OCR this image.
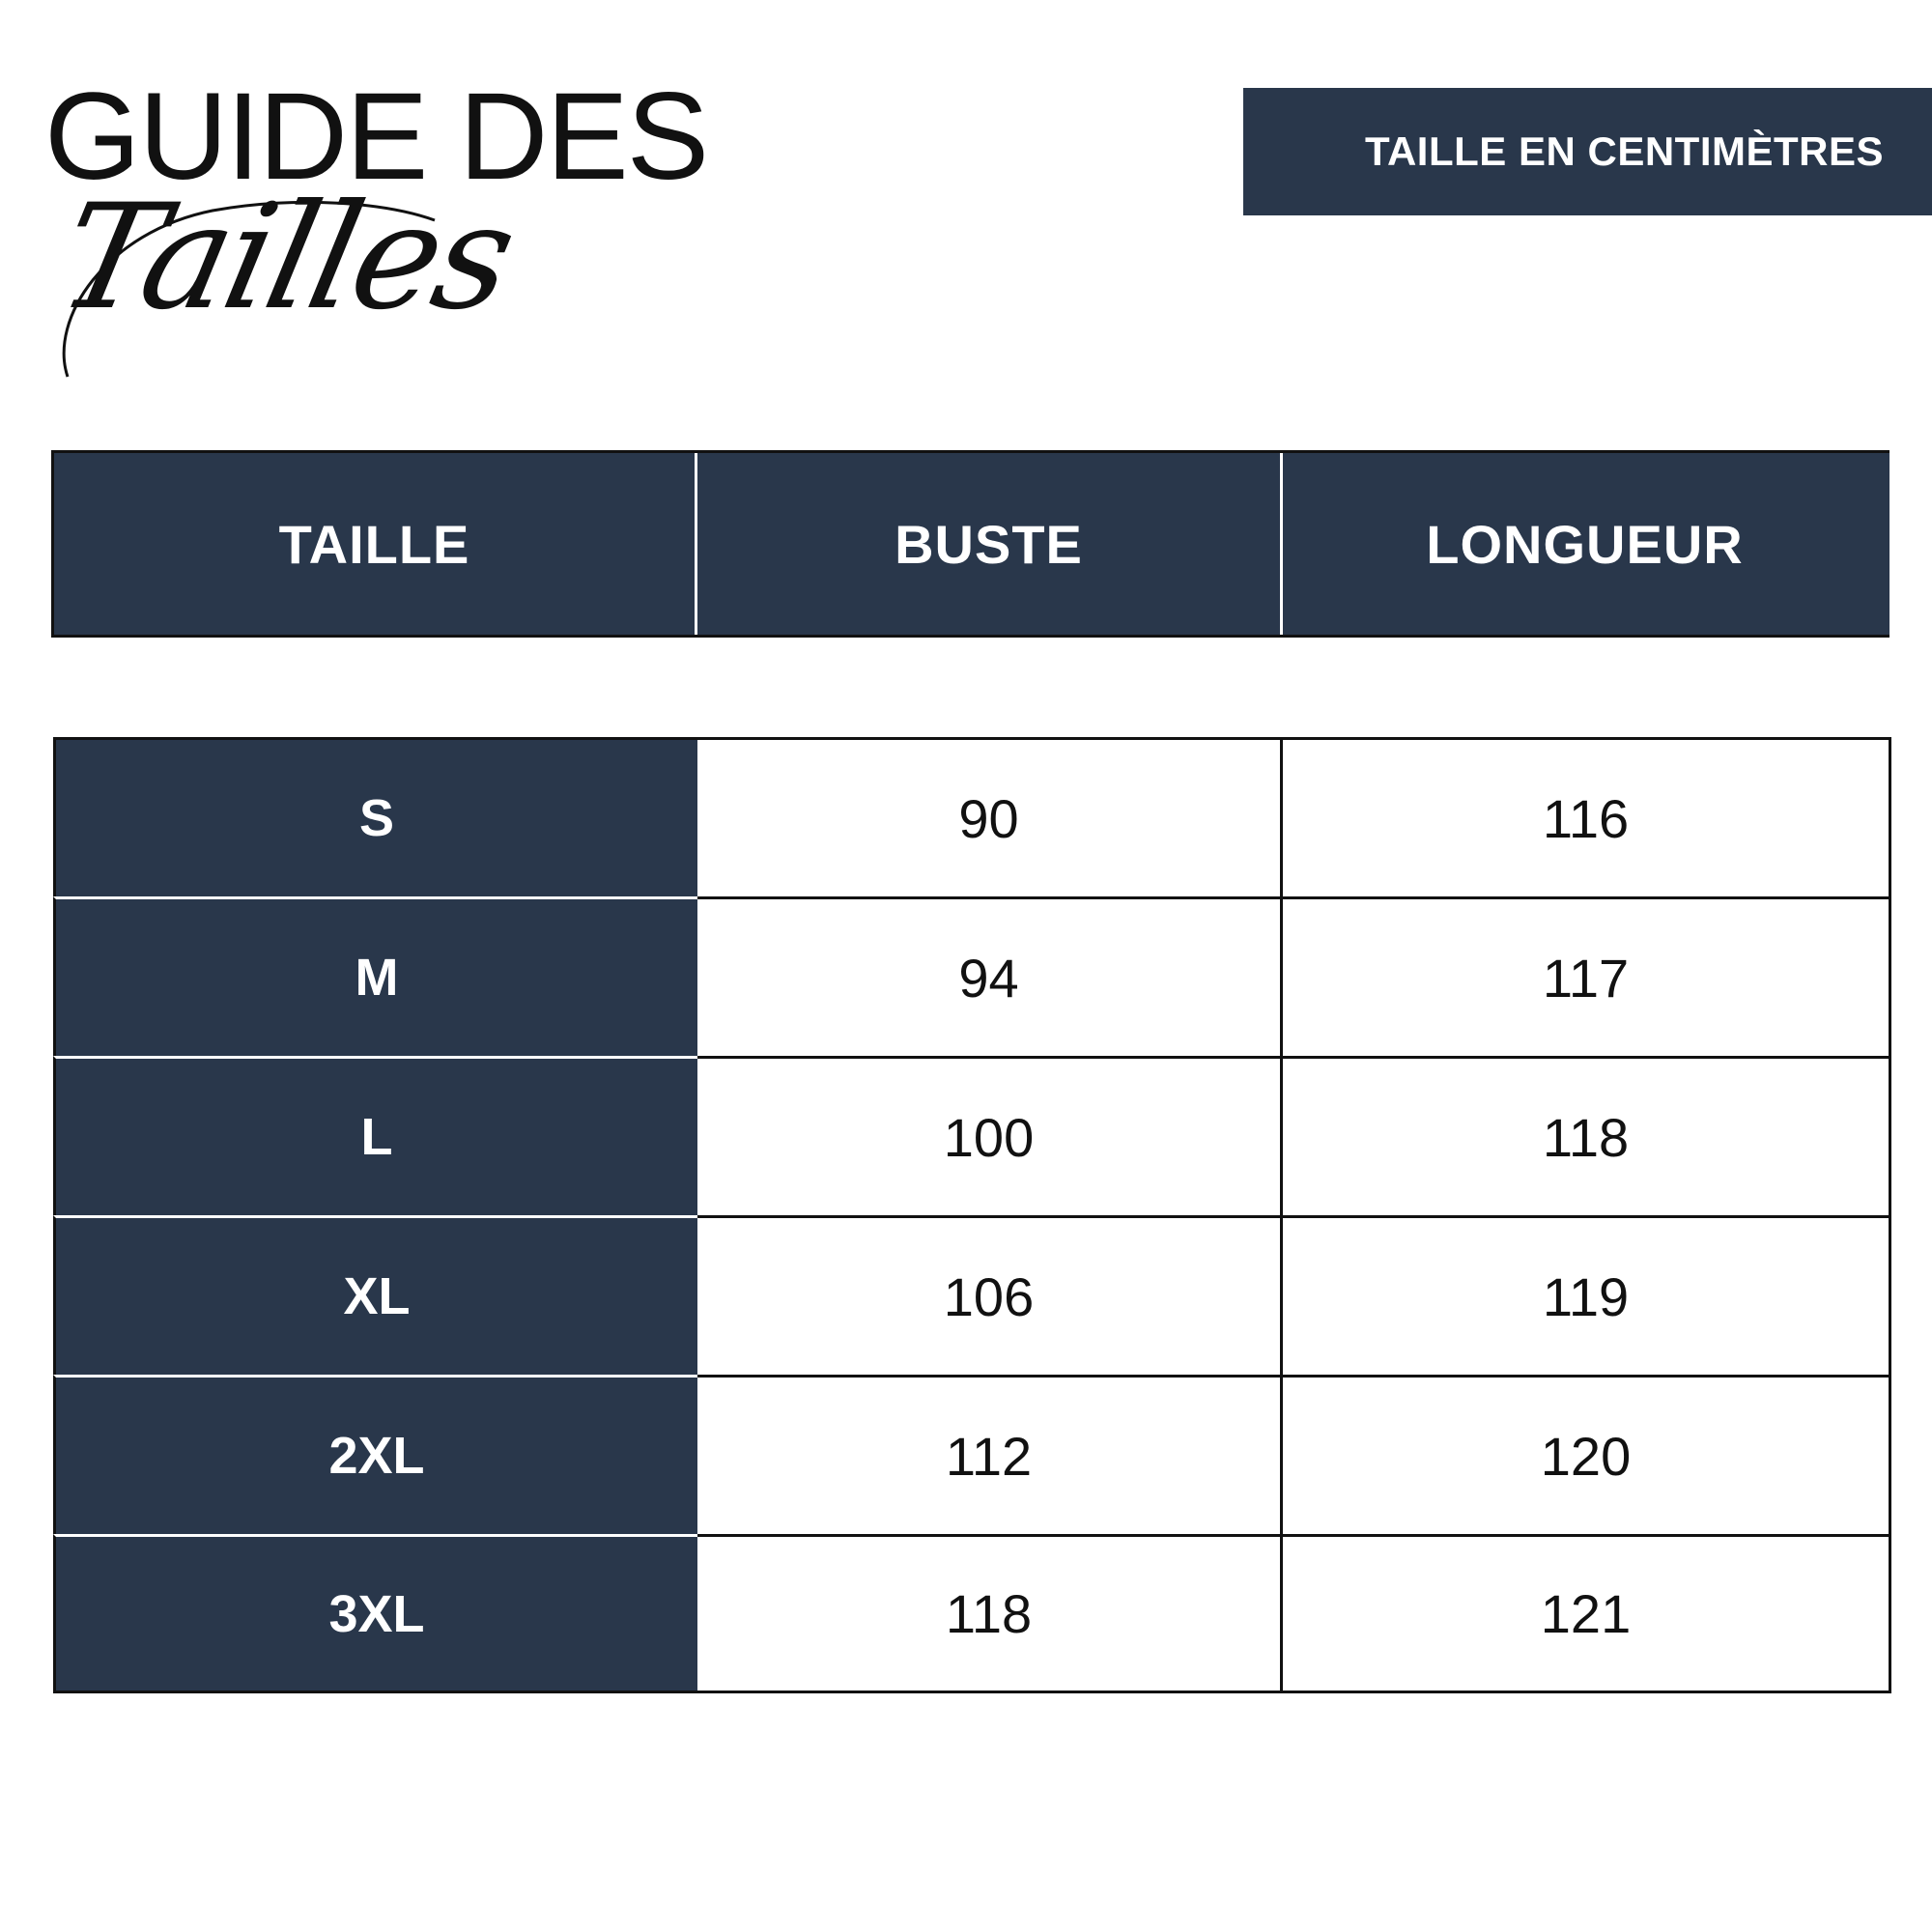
GUIDE DES
Tailles
TAILLE EN CENTIMÈTRES
TAILLE	BUSTE	LONGUEUR
S	90	116
M	94	117
L	100	118
XL	106	119
2XL	112	120
3XL	118	121
